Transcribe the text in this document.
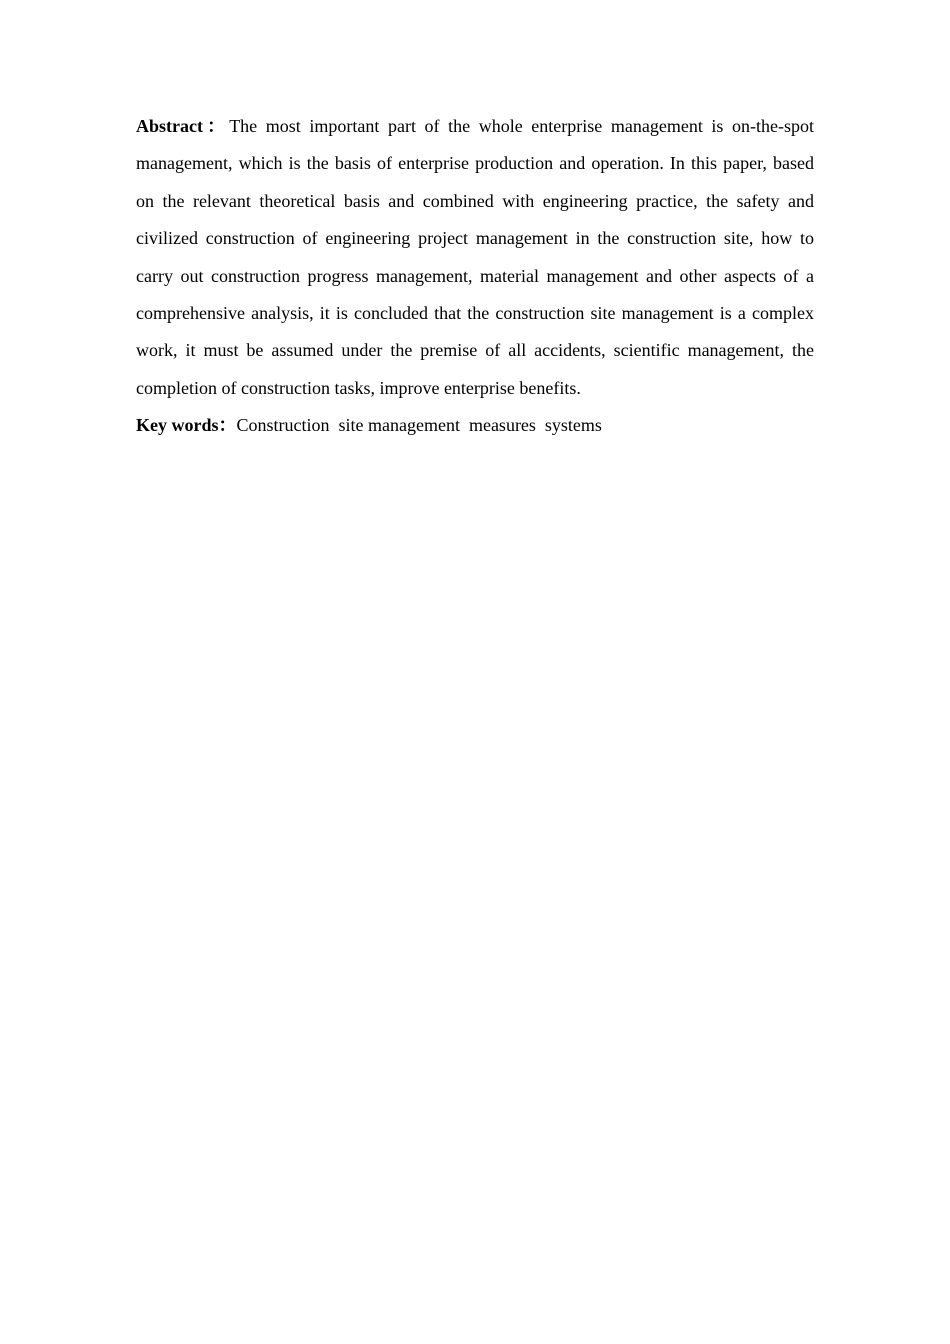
Abstract：The most important part of the whole enterprise management is on-the-spot management, which is the basis of enterprise production and operation. In this paper, based on the relevant theoretical basis and combined with engineering practice, the safety and civilized construction of engineering project management in the construction site, how to carry out construction progress management, material management and other aspects of a comprehensive analysis, it is concluded that the construction site management is a complex work, it must be assumed under the premise of all accidents, scientific management, the completion of construction tasks, improve enterprise benefits.

Key words：Construction  site management  measures  systems
